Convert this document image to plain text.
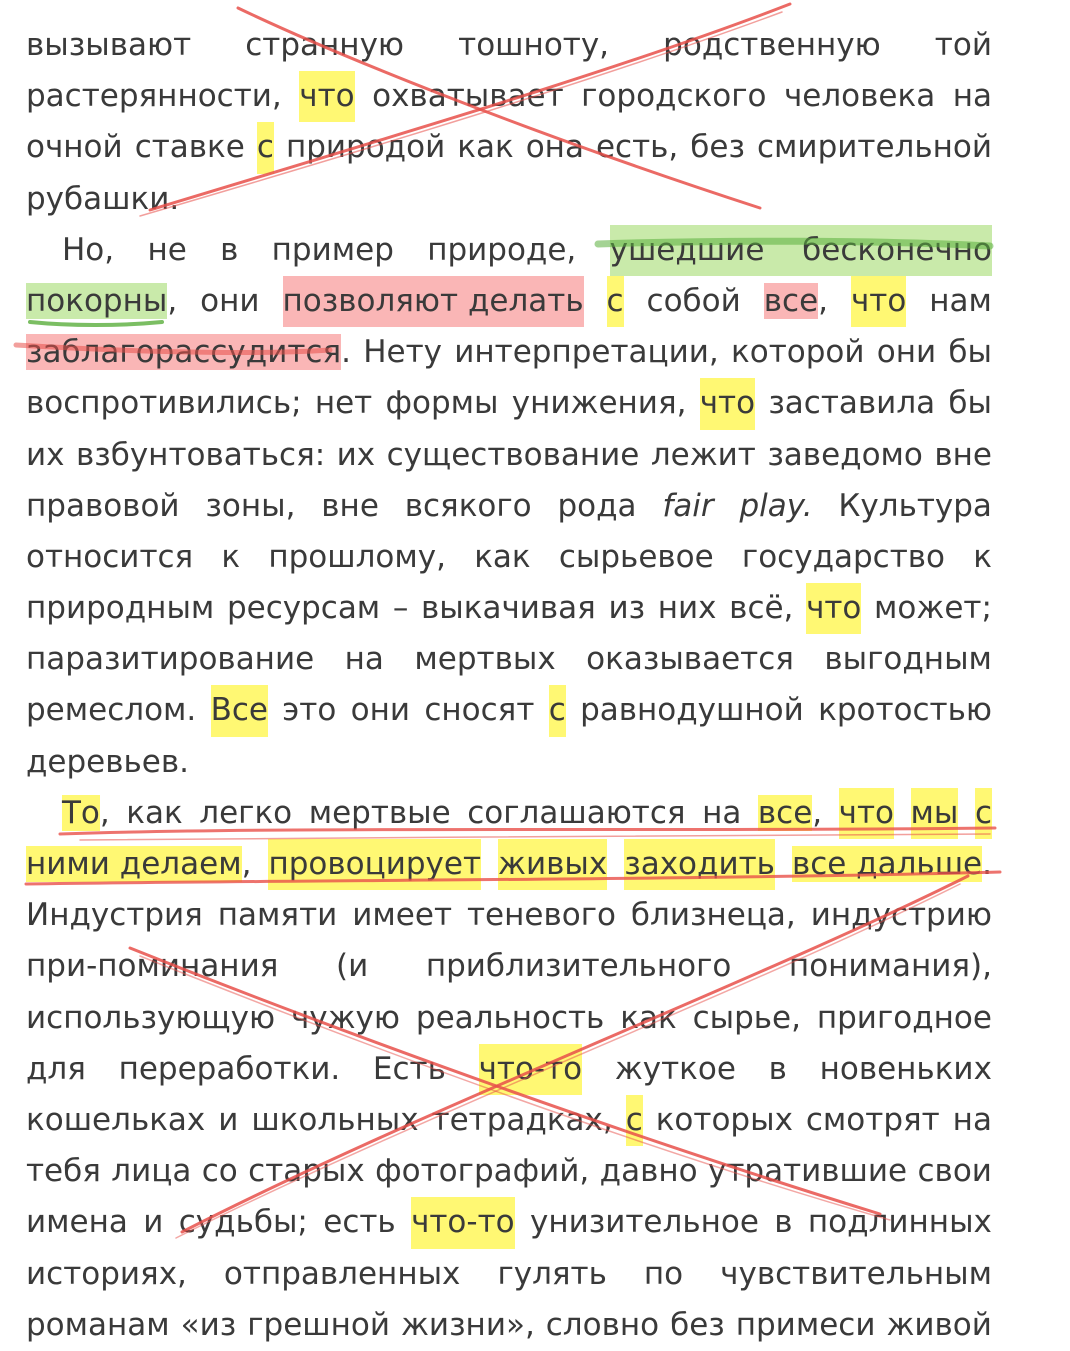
вызывают странную тошноту, родственную той
растерянности, что охватывает городского человека на
очной ставке с природой как она есть, без смирительной
рубашки.
Но, не в пример природе, ушедшие бесконечно
покорны, они позволяют делать с собой все, что нам
заблагорассудится. Нету интерпретации, которой они бы
воспротивились; нет формы унижения, что заставила бы
их взбунтоваться: их существование лежит заведомо вне
правовой зоны, вне всякого рода fair play. Культура
относится к прошлому, как сырьевое государство к
природным ресурсам – выкачивая из них всё, что может;
паразитирование на мертвых оказывается выгодным
ремеслом. Все это они сносят с равнодушной кротостью
деревьев.
То, как легко мертвые соглашаются на все, что мы с
ними делаем, провоцирует живых заходить все дальше.
Индустрия памяти имеет теневого близнеца, индустрию
при-поминания (и приблизительного понимания),
использующую чужую реальность как сырье, пригодное
для переработки. Есть что-то жуткое в новеньких
кошельках и школьных тетрадках, с которых смотрят на
тебя лица со старых фотографий, давно утратившие свои
имена и судьбы; есть что-то унизительное в подлинных
историях, отправленных гулять по чувствительным
романам «из грешной жизни», словно без примеси живой
